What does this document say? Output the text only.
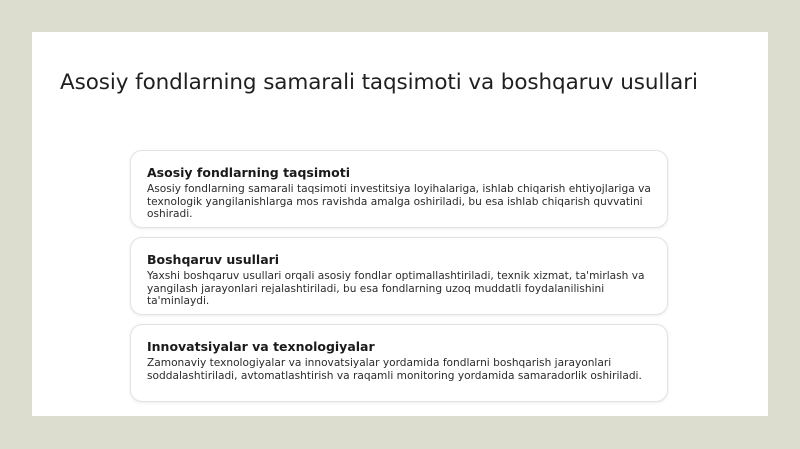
Asosiy fondlarning samarali taqsimoti va boshqaruv usullari
Asosiy fondlarning taqsimoti

Asosiy fondlarning samarali taqsimoti investitsiya loyihalariga, ishlab chiqarish ehtiyojlariga va texnologik yangilanishlarga mos ravishda amalga oshiriladi, bu esa ishlab chiqarish quvvatini oshiradi.

Boshqaruv usullari

Yaxshi boshqaruv usullari orqali asosiy fondlar optimallashtiriladi, texnik xizmat, ta'mirlash va yangilash jarayonlari rejalashtiriladi, bu esa fondlarning uzoq muddatli foydalanilishini ta'minlaydi.

Innovatsiyalar va texnologiyalar

Zamonaviy texnologiyalar va innovatsiyalar yordamida fondlarni boshqarish jarayonlari soddalashtiriladi, avtomatlashtirish va raqamli monitoring yordamida samaradorlik oshiriladi.
